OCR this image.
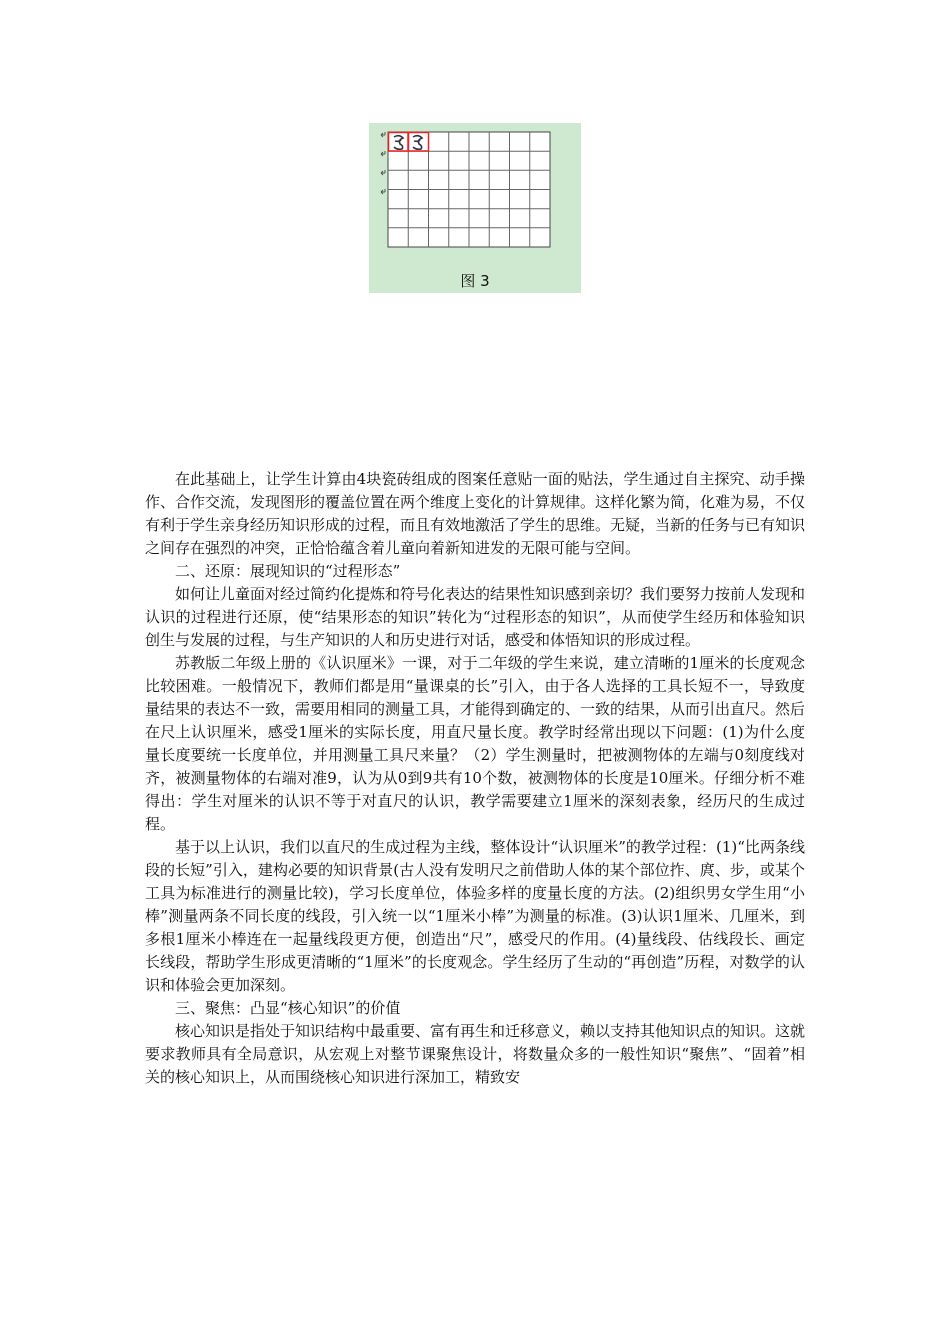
图 3

在此基础上，让学生计算由4块瓷砖组成的图案任意贴一面的贴法，学生通过自主探究、动手操作、合作交流，发现图形的覆盖位置在两个维度上变化的计算规律。这样化繁为简，化难为易，不仅有利于学生亲身经历知识形成的过程，而且有效地激活了学生的思维。无疑，当新的任务与已有知识之间存在强烈的冲突，正恰恰蕴含着儿童向着新知进发的无限可能与空间。

二、还原：展现知识的“过程形态”

如何让儿童面对经过简约化提炼和符号化表达的结果性知识感到亲切？我们要努力按前人发现和认识的过程进行还原，使“结果形态的知识”转化为“过程形态的知识”，从而使学生经历和体验知识创生与发展的过程，与生产知识的人和历史进行对话，感受和体悟知识的形成过程。

苏教版二年级上册的《认识厘米》一课，对于二年级的学生来说，建立清晰的1厘米的长度观念比较困难。一般情况下，教师们都是用“量课桌的长”引入，由于各人选择的工具长短不一，导致度量结果的表达不一致，需要用相同的测量工具，才能得到确定的、一致的结果，从而引出直尺。然后在尺上认识厘米，感受1厘米的实际长度，用直尺量长度。教学时经常出现以下问题：(1)为什么度量长度要统一长度单位，并用测量工具尺来量？（2）学生测量时，把被测物体的左端与0刻度线对齐，被测量物体的右端对准9，认为从0到9共有10个数，被测物体的长度是10厘米。仔细分析不难得出：学生对厘米的认识不等于对直尺的认识，教学需要建立1厘米的深刻表象，经历尺的生成过程。

基于以上认识，我们以直尺的生成过程为主线，整体设计“认识厘米”的教学过程：(1)“比两条线段的长短”引入，建构必要的知识背景(古人没有发明尺之前借助人体的某个部位拃、庹、步，或某个工具为标准进行的测量比较)，学习长度单位，体验多样的度量长度的方法。(2)组织男女学生用“小棒”测量两条不同长度的线段，引入统一以“1厘米小棒”为测量的标准。(3)认识1厘米、几厘米，到多根1厘米小棒连在一起量线段更方便，创造出“尺”，感受尺的作用。(4)量线段、估线段长、画定长线段，帮助学生形成更清晰的“1厘米”的长度观念。学生经历了生动的“再创造”历程，对数学的认识和体验会更加深刻。

三、聚焦：凸显“核心知识”的价值

核心知识是指处于知识结构中最重要、富有再生和迁移意义，赖以支持其他知识点的知识。这就要求教师具有全局意识，从宏观上对整节课聚焦设计，将数量众多的一般性知识“聚焦”、“固着”相关的核心知识上，从而围绕核心知识进行深加工，精致安
